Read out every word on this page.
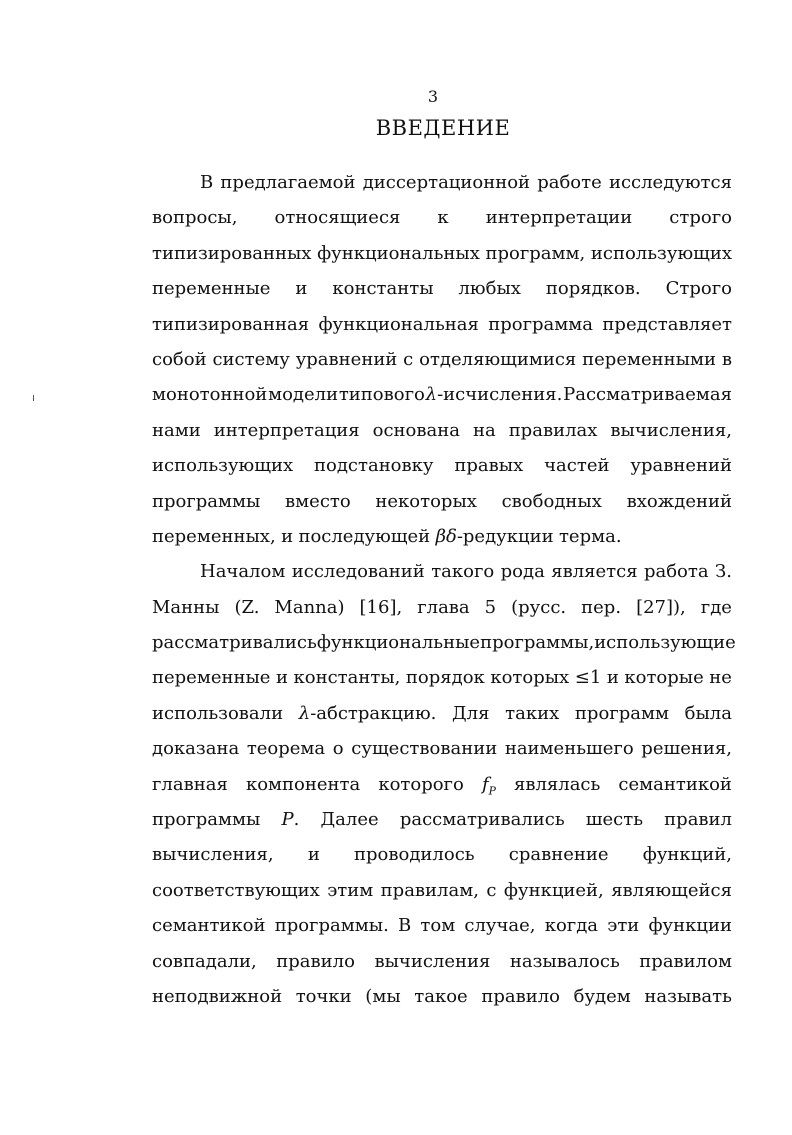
3
ВВЕДЕНИЕ
В предлагаемой диссертационной работе исследуются
вопросы, относящиеся к интерпретации строго
типизированных функциональных программ, использующих
переменные и константы любых порядков. Строго
типизированная функциональная программа представляет
собой систему уравнений с отделяющимися переменными в
монотонной модели типового λ-исчисления. Рассматриваемая
нами интерпретация основана на правилах вычисления,
использующих подстановку правых частей уравнений
программы вместо некоторых свободных вхождений
переменных, и последующей βδ-редукции терма.
Началом исследований такого рода является работа З.
Манны (Z. Manna) [16], глава 5 (русс. пер. [27]), где
рассматривались функциональные программы, использующие
переменные и константы, порядок которых ≤1 и которые не
использовали λ-абстракцию. Для таких программ была
доказана теорема о существовании наименьшего решения,
главная компонента которого $f_P$ являлась семантикой
программы P. Далее рассматривались шесть правил
вычисления, и проводилось сравнение функций,
соответствующих этим правилам, с функцией, являющейся
семантикой программы. В том случае, когда эти функции
совпадали, правило вычисления называлось правилом
неподвижной точки (мы такое правило будем называть
